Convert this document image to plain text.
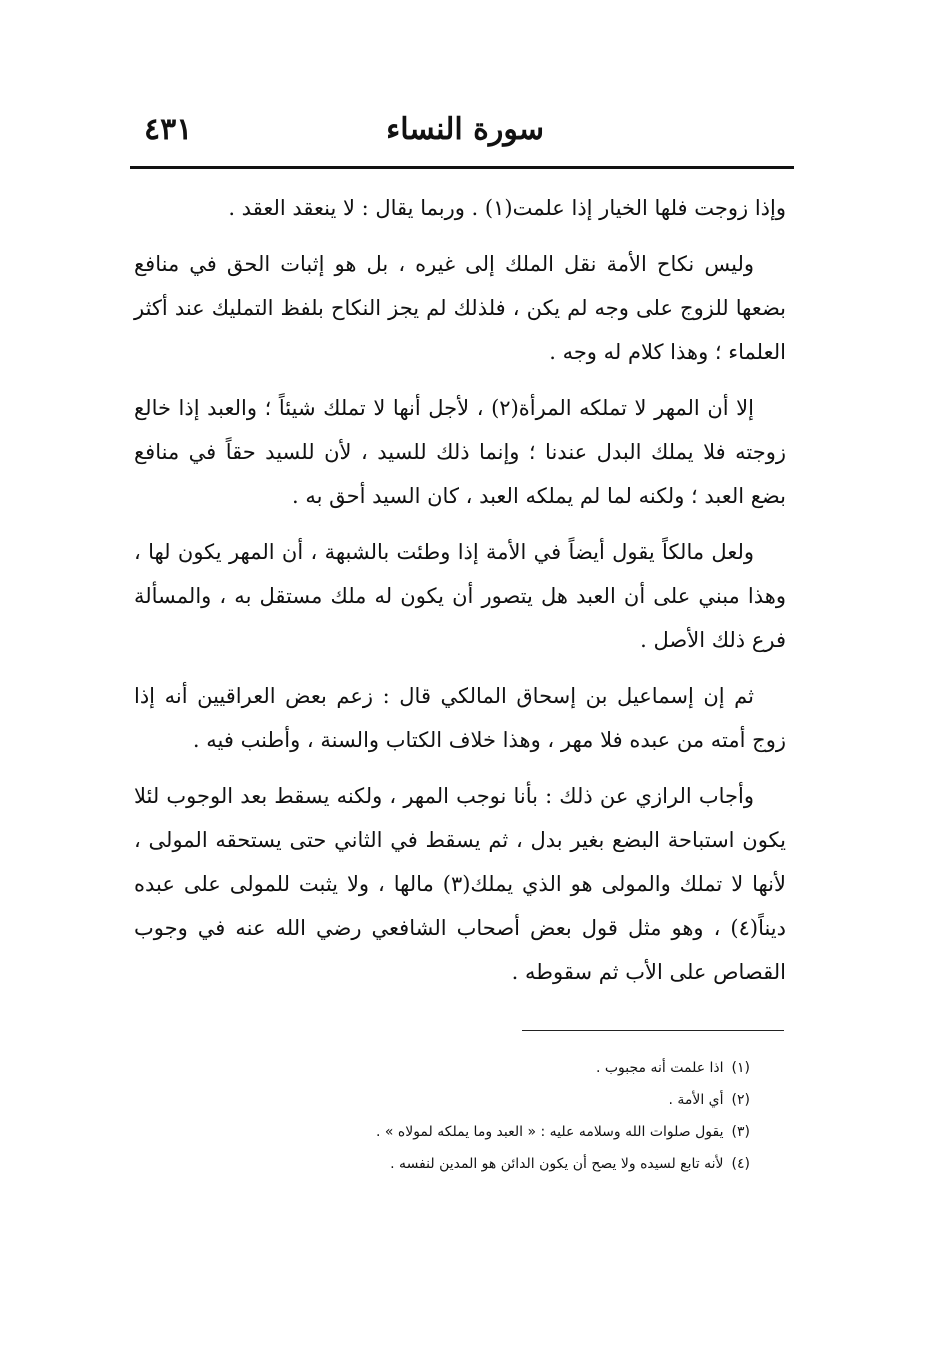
سورة النساء
٤٣١

وإذا زوجت فلها الخيار إذا علمت(١) . وربما يقال : لا ينعقد العقد .

وليس نكاح الأمة نقل الملك إلى غيره ، بل هو إثبات الحق في منافع بضعها للزوج على وجه لم يكن ، فلذلك لم يجز النكاح بلفظ التمليك عند أكثر العلماء ؛ وهذا كلام له وجه .

إلا أن المهر لا تملكه المرأة(٢) ، لأجل أنها لا تملك شيئاً ؛ والعبد إذا خالع زوجته فلا يملك البدل عندنا ؛ وإنما ذلك للسيد ، لأن للسيد حقاً في منافع بضع العبد ؛ ولكنه لما لم يملكه العبد ، كان السيد أحق به .

ولعل مالكاً يقول أيضاً في الأمة إذا وطئت بالشبهة ، أن المهر يكون لها ، وهذا مبني على أن العبد هل يتصور أن يكون له ملك مستقل به ، والمسألة فرع ذلك الأصل .

ثم إن إسماعيل بن إسحاق المالكي قال : زعم بعض العراقيين أنه إذا زوج أمته من عبده فلا مهر ، وهذا خلاف الكتاب والسنة ، وأطنب فيه .

وأجاب الرازي عن ذلك : بأنا نوجب المهر ، ولكنه يسقط بعد الوجوب لئلا يكون استباحة البضع بغير بدل ، ثم يسقط في الثاني حتى يستحقه المولى ، لأنها لا تملك والمولى هو الذي يملك(٣) مالها ، ولا يثبت للمولى على عبده ديناً(٤) ، وهو مثل قول بعض أصحاب الشافعي رضي الله عنه في وجوب القصاص على الأب ثم سقوطه .

(١)اذا علمت أنه مجبوب .
(٢)أي الأمة .
(٣)يقول صلوات الله وسلامه عليه : « العبد وما يملكه لمولاه » .
(٤)لأنه تابع لسيده ولا يصح أن يكون الدائن هو المدين لنفسه .
